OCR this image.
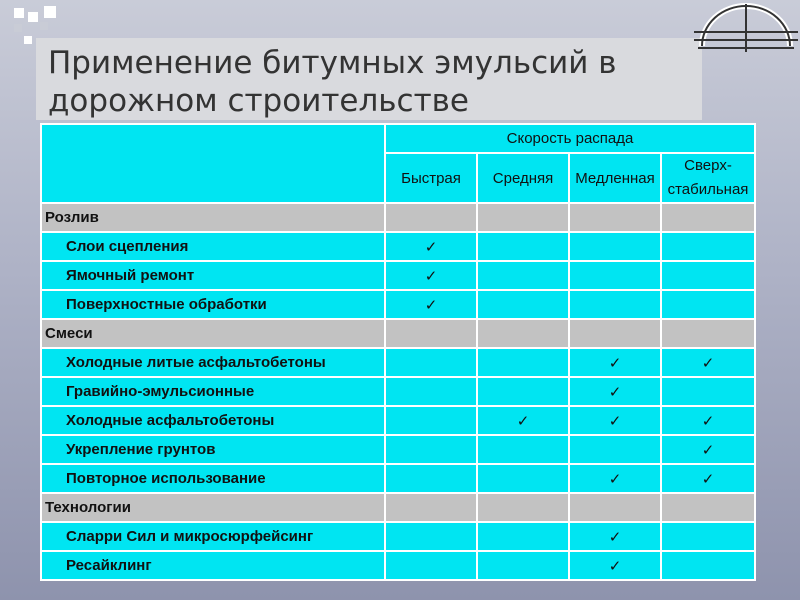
Применение битумных эмульсий в дорожном строительстве
	Скорость распада			
	Быстрая	Средняя	Медленная	Сверх-стабильная

Розлив				
Слои сцепления	✓			
Ямочный ремонт	✓			
Поверхностные обработки	✓			
Смеси				
Холодные литые асфальтобетоны			✓	✓
Гравийно-эмульсионные			✓	
Холодные асфальтобетоны		✓	✓	✓
Укрепление грунтов				✓
Повторное использование			✓	✓
Технологии				
Сларри Сил и микросюрфейсинг			✓	
Ресайклинг			✓	
